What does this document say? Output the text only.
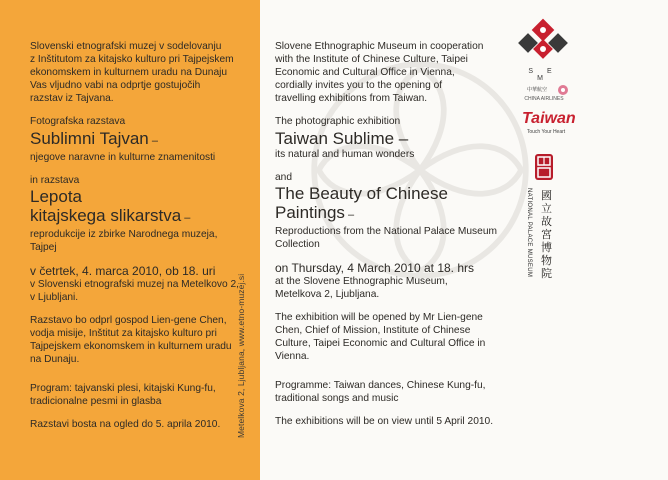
Slovenski etnografski muzej v sodelovanju

z Inštitutom za kitajsko kulturo pri Tajpejskem

ekonomskem in kulturnem uradu na Dunaju

Vas vljudno vabi na odprtje gostujočih

razstav iz Tajvana.

Fotografska razstava

Sublimni Tajvan –

njegove naravne in kulturne znamenitosti

in razstava

Lepota

kitajskega slikarstva –

reprodukcije iz zbirke Narodnega muzeja,

Tajpej

v četrtek, 4. marca 2010, ob 18. uri

v Slovenski etnografski muzej na Metelkovo 2,

v Ljubljani.

Razstavo bo odprl gospod Lien-gene Chen,

vodja misije, Inštitut za kitajsko kulturo pri

Tajpejskem ekonomskem in kulturnem uradu

na Dunaju.

Program: tajvanski plesi, kitajski Kung-fu,

tradicionalne pesmi in glasba

Razstavi bosta na ogled do 5. aprila 2010.	Metelkova 2, Ljubljana, www.etno-muzej.si

Slovene Ethnographic Museum in cooperation

with the Institute of Chinese Culture, Taipei

Economic and Cultural Office in Vienna,

cordially invites you to the opening of

travelling exhibitions from Taiwan.

The photographic exhibition

Taiwan Sublime –

its natural and human wonders

and

The Beauty of Chinese

Paintings –

Reproductions from the National Palace Museum

Collection

on Thursday, 4 March 2010 at 18. hrs

at the Slovene Ethnographic Museum,

Metelkova 2, Ljubljana.

The exhibition will be opened by Mr Lien-gene

Chen, Chief of Mission, Institute of Chinese

Culture, Taipei Economic and Cultural Office in

Vienna.

Programme: Taiwan dances, Chinese Kung-fu,

traditional songs and music

The exhibitions will be on view until 5 April 2010.

S E M
中華航空
CHINA AIRLINES
Taiwan
Touch Your Heart
國立故宮博物院
NATIONAL PALACE MUSEUM
